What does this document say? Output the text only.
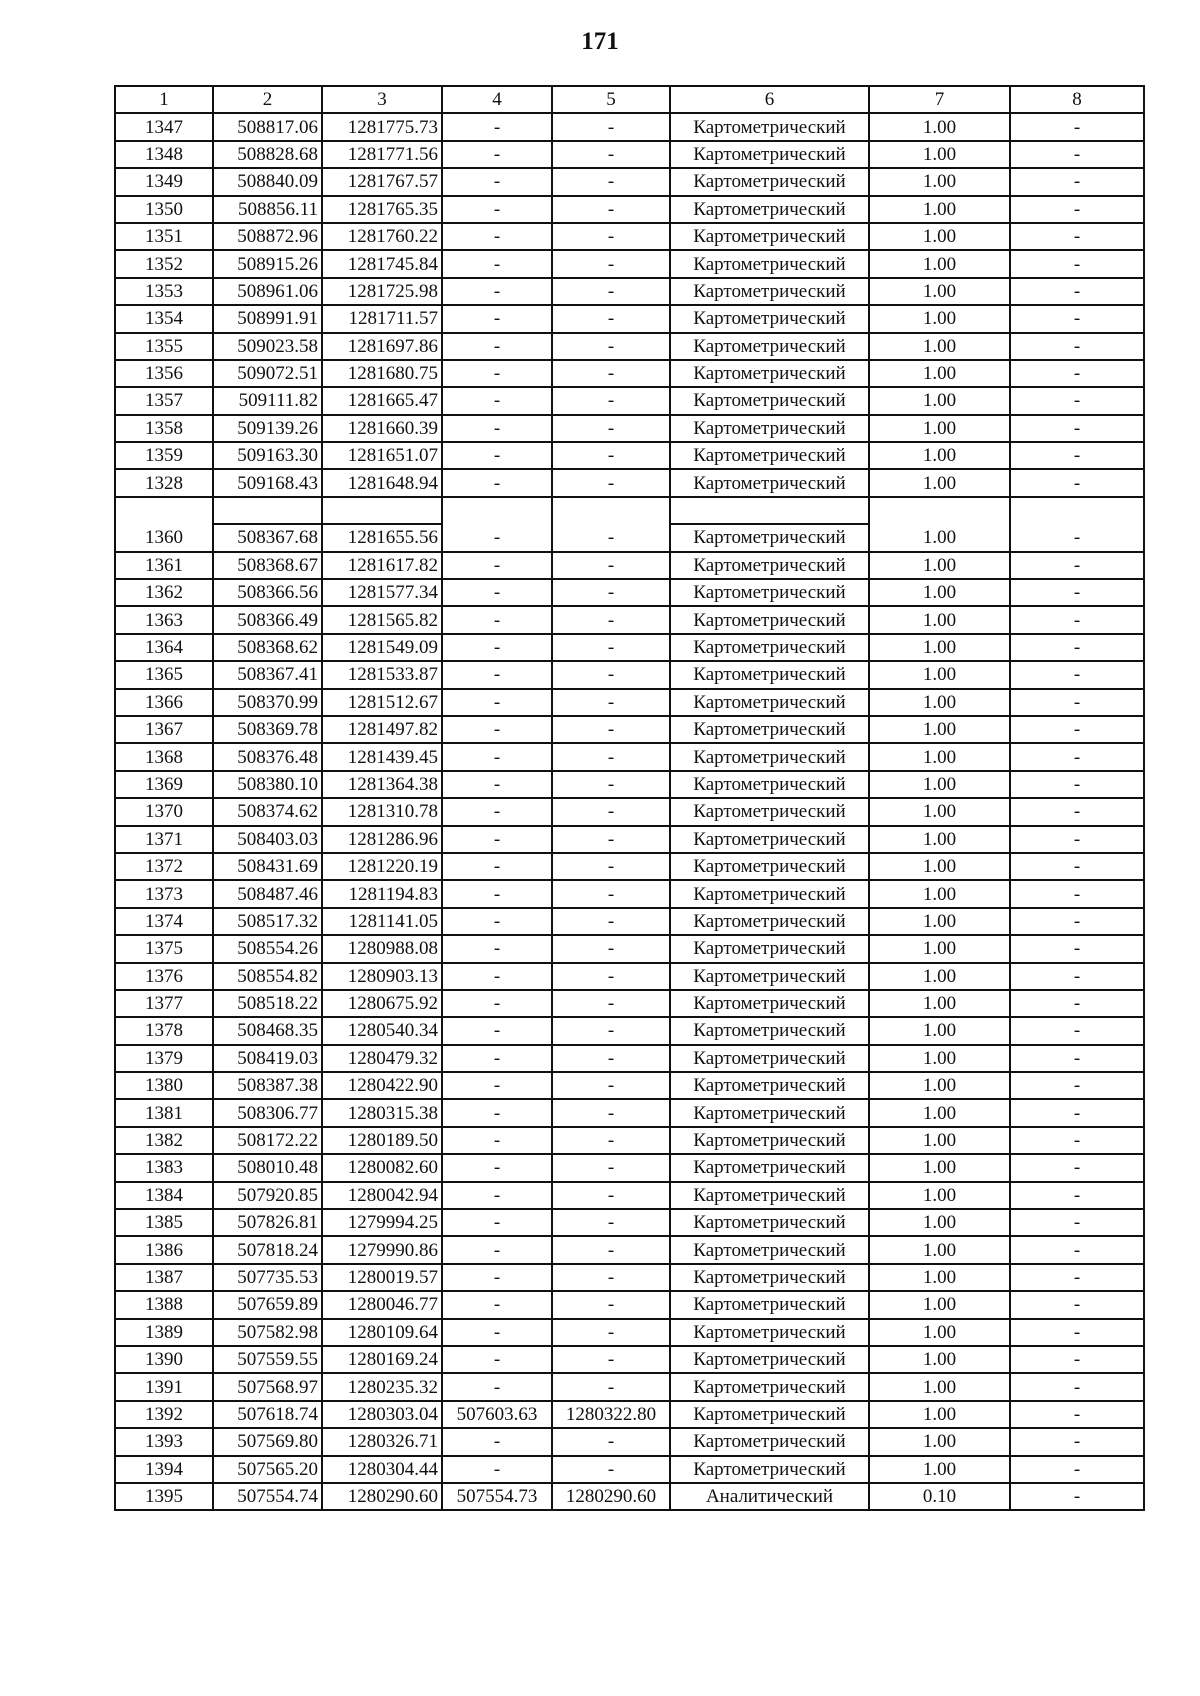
171
1	2	3	4	5	6	7	8
1347	508817.06	1281775.73	-	-	Картометрический	1.00	-
1348	508828.68	1281771.56	-	-	Картометрический	1.00	-
1349	508840.09	1281767.57	-	-	Картометрический	1.00	-
1350	508856.11	1281765.35	-	-	Картометрический	1.00	-
1351	508872.96	1281760.22	-	-	Картометрический	1.00	-
1352	508915.26	1281745.84	-	-	Картометрический	1.00	-
1353	508961.06	1281725.98	-	-	Картометрический	1.00	-
1354	508991.91	1281711.57	-	-	Картометрический	1.00	-
1355	509023.58	1281697.86	-	-	Картометрический	1.00	-
1356	509072.51	1281680.75	-	-	Картометрический	1.00	-
1357	509111.82	1281665.47	-	-	Картометрический	1.00	-
1358	509139.26	1281660.39	-	-	Картометрический	1.00	-
1359	509163.30	1281651.07	-	-	Картометрический	1.00	-
1328	509168.43	1281648.94	-	-	Картометрический	1.00	-

1360	508367.68	1281655.56	-	-	Картометрический	1.00	-
1361	508368.67	1281617.82	-	-	Картометрический	1.00	-
1362	508366.56	1281577.34	-	-	Картометрический	1.00	-
1363	508366.49	1281565.82	-	-	Картометрический	1.00	-
1364	508368.62	1281549.09	-	-	Картометрический	1.00	-
1365	508367.41	1281533.87	-	-	Картометрический	1.00	-
1366	508370.99	1281512.67	-	-	Картометрический	1.00	-
1367	508369.78	1281497.82	-	-	Картометрический	1.00	-
1368	508376.48	1281439.45	-	-	Картометрический	1.00	-
1369	508380.10	1281364.38	-	-	Картометрический	1.00	-
1370	508374.62	1281310.78	-	-	Картометрический	1.00	-
1371	508403.03	1281286.96	-	-	Картометрический	1.00	-
1372	508431.69	1281220.19	-	-	Картометрический	1.00	-
1373	508487.46	1281194.83	-	-	Картометрический	1.00	-
1374	508517.32	1281141.05	-	-	Картометрический	1.00	-
1375	508554.26	1280988.08	-	-	Картометрический	1.00	-
1376	508554.82	1280903.13	-	-	Картометрический	1.00	-
1377	508518.22	1280675.92	-	-	Картометрический	1.00	-
1378	508468.35	1280540.34	-	-	Картометрический	1.00	-
1379	508419.03	1280479.32	-	-	Картометрический	1.00	-
1380	508387.38	1280422.90	-	-	Картометрический	1.00	-
1381	508306.77	1280315.38	-	-	Картометрический	1.00	-
1382	508172.22	1280189.50	-	-	Картометрический	1.00	-
1383	508010.48	1280082.60	-	-	Картометрический	1.00	-
1384	507920.85	1280042.94	-	-	Картометрический	1.00	-
1385	507826.81	1279994.25	-	-	Картометрический	1.00	-
1386	507818.24	1279990.86	-	-	Картометрический	1.00	-
1387	507735.53	1280019.57	-	-	Картометрический	1.00	-
1388	507659.89	1280046.77	-	-	Картометрический	1.00	-
1389	507582.98	1280109.64	-	-	Картометрический	1.00	-
1390	507559.55	1280169.24	-	-	Картометрический	1.00	-
1391	507568.97	1280235.32	-	-	Картометрический	1.00	-
1392	507618.74	1280303.04	507603.63	1280322.80	Картометрический	1.00	-
1393	507569.80	1280326.71	-	-	Картометрический	1.00	-
1394	507565.20	1280304.44	-	-	Картометрический	1.00	-
1395	507554.74	1280290.60	507554.73	1280290.60	Аналитический	0.10	-
